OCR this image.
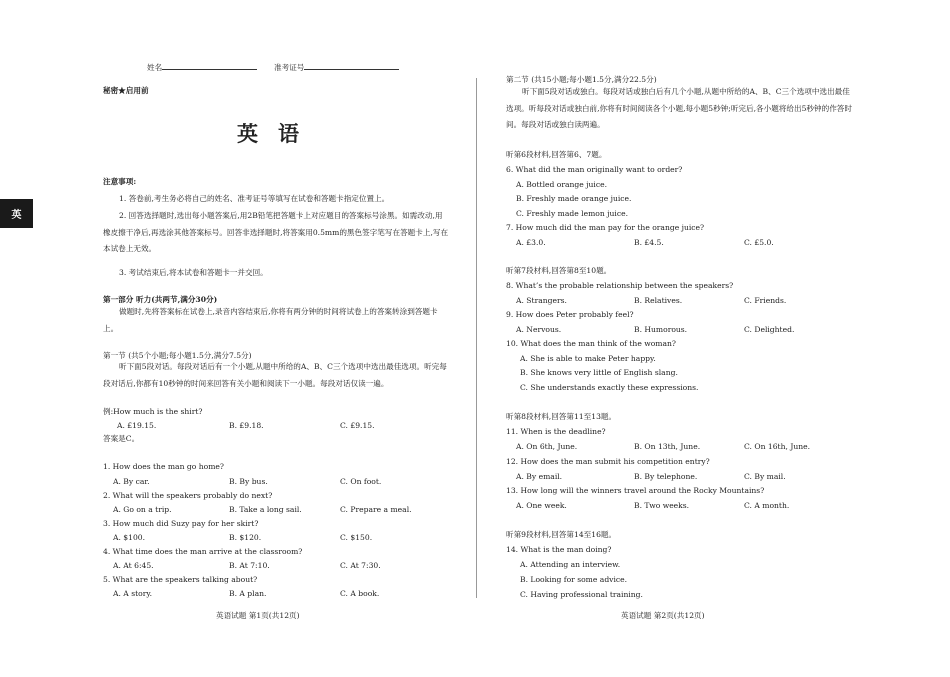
英
姓名	准考证号
秘密★启用前
英语
注意事项:
1. 答卷前,考生务必将自己的姓名、准考证号等填写在试卷和答题卡指定位置上。
2. 回答选择题时,选出每小题答案后,用2B铅笔把答题卡上对应题目的答案标号涂黑。如需改动,用橡皮擦干净后,再选涂其他答案标号。回答非选择题时,将答案用0.5mm的黑色签字笔写在答题卡上,写在本试卷上无效。
3. 考试结束后,将本试卷和答题卡一并交回。
第一部分 听力(共两节,满分30分)
做题时,先将答案标在试卷上,录音内容结束后,你将有两分钟的时间将试卷上的答案转涂到答题卡上。
第一节 (共5个小题;每小题1.5分,满分7.5分)
听下面5段对话。每段对话后有一个小题,从题中所给的A、B、C三个选项中选出最佳选项。听完每段对话后,你都有10秒钟的时间来回答有关小题和阅读下一小题。每段对话仅读一遍。
例:How much is the shirt?
A. £19.15.	B. £9.18.	C. £9.15.
答案是C。
1. How does the man go home?
A. By car.	B. By bus.	C. On foot.
2. What will the speakers probably do next?
A. Go on a trip.	B. Take a long sail.	C. Prepare a meal.
3. How much did Suzy pay for her skirt?
A. $100.	B. $120.	C. $150.
4. What time does the man arrive at the classroom?
A. At 6:45.	B. At 7:10.	C. At 7:30.
5. What are the speakers talking about?
A. A story.	B. A plan.	C. A book.
英语试题 第1页(共12页)
第二节 (共15小题;每小题1.5分,满分22.5分)
听下面5段对话或独白。每段对话或独白后有几个小题,从题中所给的A、B、C三个选项中选出最佳选项。听每段对话或独白前,你将有时间阅读各个小题,每小题5秒钟;听完后,各小题将给出5秒钟的作答时间。每段对话或独白读两遍。
听第6段材料,回答第6、7题。
6. What did the man originally want to order?
A. Bottled orange juice.
B. Freshly made orange juice.
C. Freshly made lemon juice.
7. How much did the man pay for the orange juice?
A. £3.0.	B. £4.5.	C. £5.0.
听第7段材料,回答第8至10题。
8. What’s the probable relationship between the speakers?
A. Strangers.	B. Relatives.	C. Friends.
9. How does Peter probably feel?
A. Nervous.	B. Humorous.	C. Delighted.
10. What does the man think of the woman?
A. She is able to make Peter happy.
B. She knows very little of English slang.
C. She understands exactly these expressions.
听第8段材料,回答第11至13题。
11. When is the deadline?
A. On 6th, June.	B. On 13th, June.	C. On 16th, June.
12. How does the man submit his competition entry?
A. By email.	B. By telephone.	C. By mail.
13. How long will the winners travel around the Rocky Mountains?
A. One week.	B. Two weeks.	C. A month.
听第9段材料,回答第14至16题。
14. What is the man doing?
A. Attending an interview.
B. Looking for some advice.
C. Having professional training.
英语试题 第2页(共12页)
